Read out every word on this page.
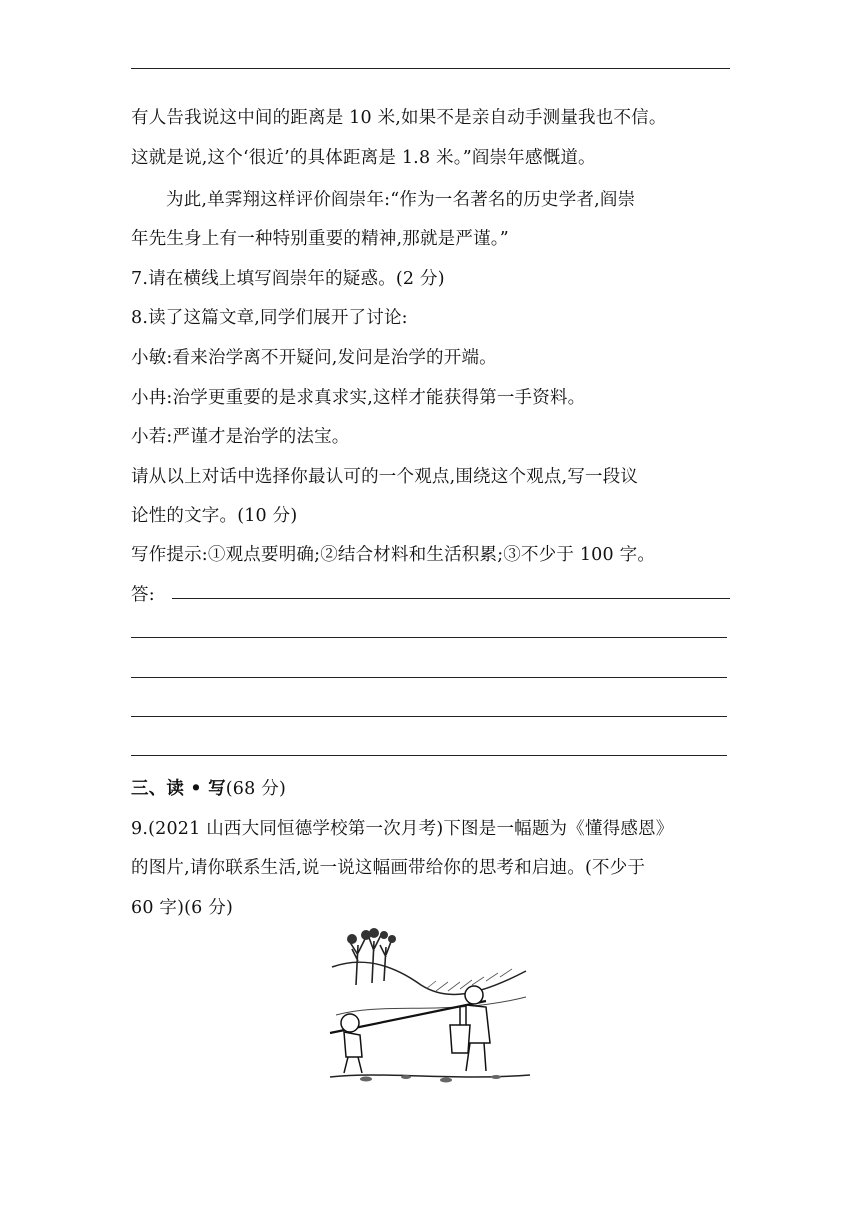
有人告我说这中间的距离是 10 米,如果不是亲自动手测量我也不信。
这就是说,这个‘很近’的具体距离是 1.8 米。”阎崇年感慨道。
为此,单霁翔这样评价阎崇年:“作为一名著名的历史学者,阎崇
年先生身上有一种特别重要的精神,那就是严谨。”
7.请在横线上填写阎崇年的疑惑。(2 分)
8.读了这篇文章,同学们展开了讨论:
小敏:看来治学离不开疑问,发问是治学的开端。
小冉:治学更重要的是求真求实,这样才能获得第一手资料。
小若:严谨才是治学的法宝。
请从以上对话中选择你最认可的一个观点,围绕这个观点,写一段议
论性的文字。(10 分)
写作提示:①观点要明确;②结合材料和生活积累;③不少于 100 字。
答:
三、读 • 写(68 分)
9.(2021 山西大同恒德学校第一次月考)下图是一幅题为《懂得感恩》
的图片,请你联系生活,说一说这幅画带给你的思考和启迪。(不少于
60 字)(6 分)
